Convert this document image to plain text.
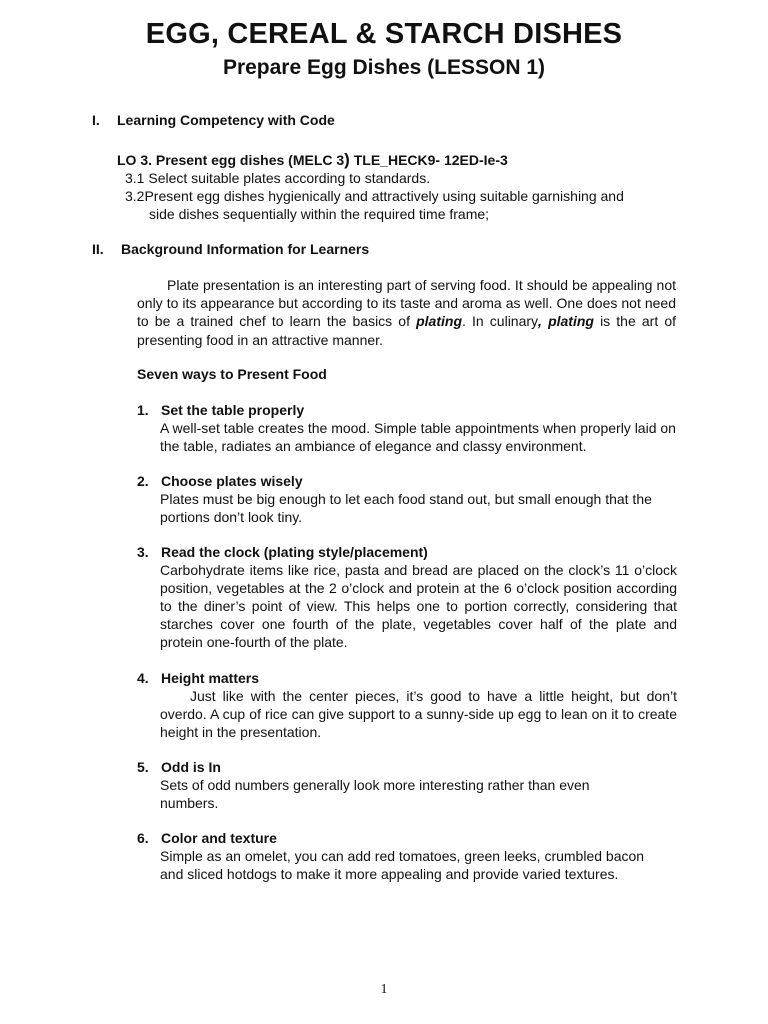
EGG, CEREAL & STARCH DISHES
Prepare Egg Dishes (LESSON 1)
I. Learning Competency with Code
LO 3. Present egg dishes (MELC 3) TLE_HECK9- 12ED-Ie-3
3.1 Select suitable plates according to standards.
3.2Present egg dishes hygienically and attractively using suitable garnishing and
side dishes sequentially within the required time frame;
II. Background Information for Learners
Plate presentation is an interesting part of serving food. It should be appealing not only to its appearance but according to its taste and aroma as well. One does not need to be a trained chef to learn the basics of plating. In culinary, plating is the art of presenting food in an attractive manner.
Seven ways to Present Food
1. Set the table properly
A well-set table creates the mood. Simple table appointments when properly laid on the table, radiates an ambiance of elegance and classy environment.
2. Choose plates wisely
Plates must be big enough to let each food stand out, but small enough that the portions don’t look tiny.
3. Read the clock (plating style/placement)
Carbohydrate items like rice, pasta and bread are placed on the clock’s 11 o’clock position, vegetables at the 2 o’clock and protein at the 6 o’clock position according to the diner’s point of view. This helps one to portion correctly, considering that starches cover one fourth of the plate, vegetables cover half of the plate and protein one-fourth of the plate.
4. Height matters
Just like with the center pieces, it’s good to have a little height, but don’t overdo. A cup of rice can give support to a sunny-side up egg to lean on it to create height in the presentation.
5. Odd is In
Sets of odd numbers generally look more interesting rather than even numbers.
6. Color and texture
Simple as an omelet, you can add red tomatoes, green leeks, crumbled bacon and sliced hotdogs to make it more appealing and provide varied textures.
1
